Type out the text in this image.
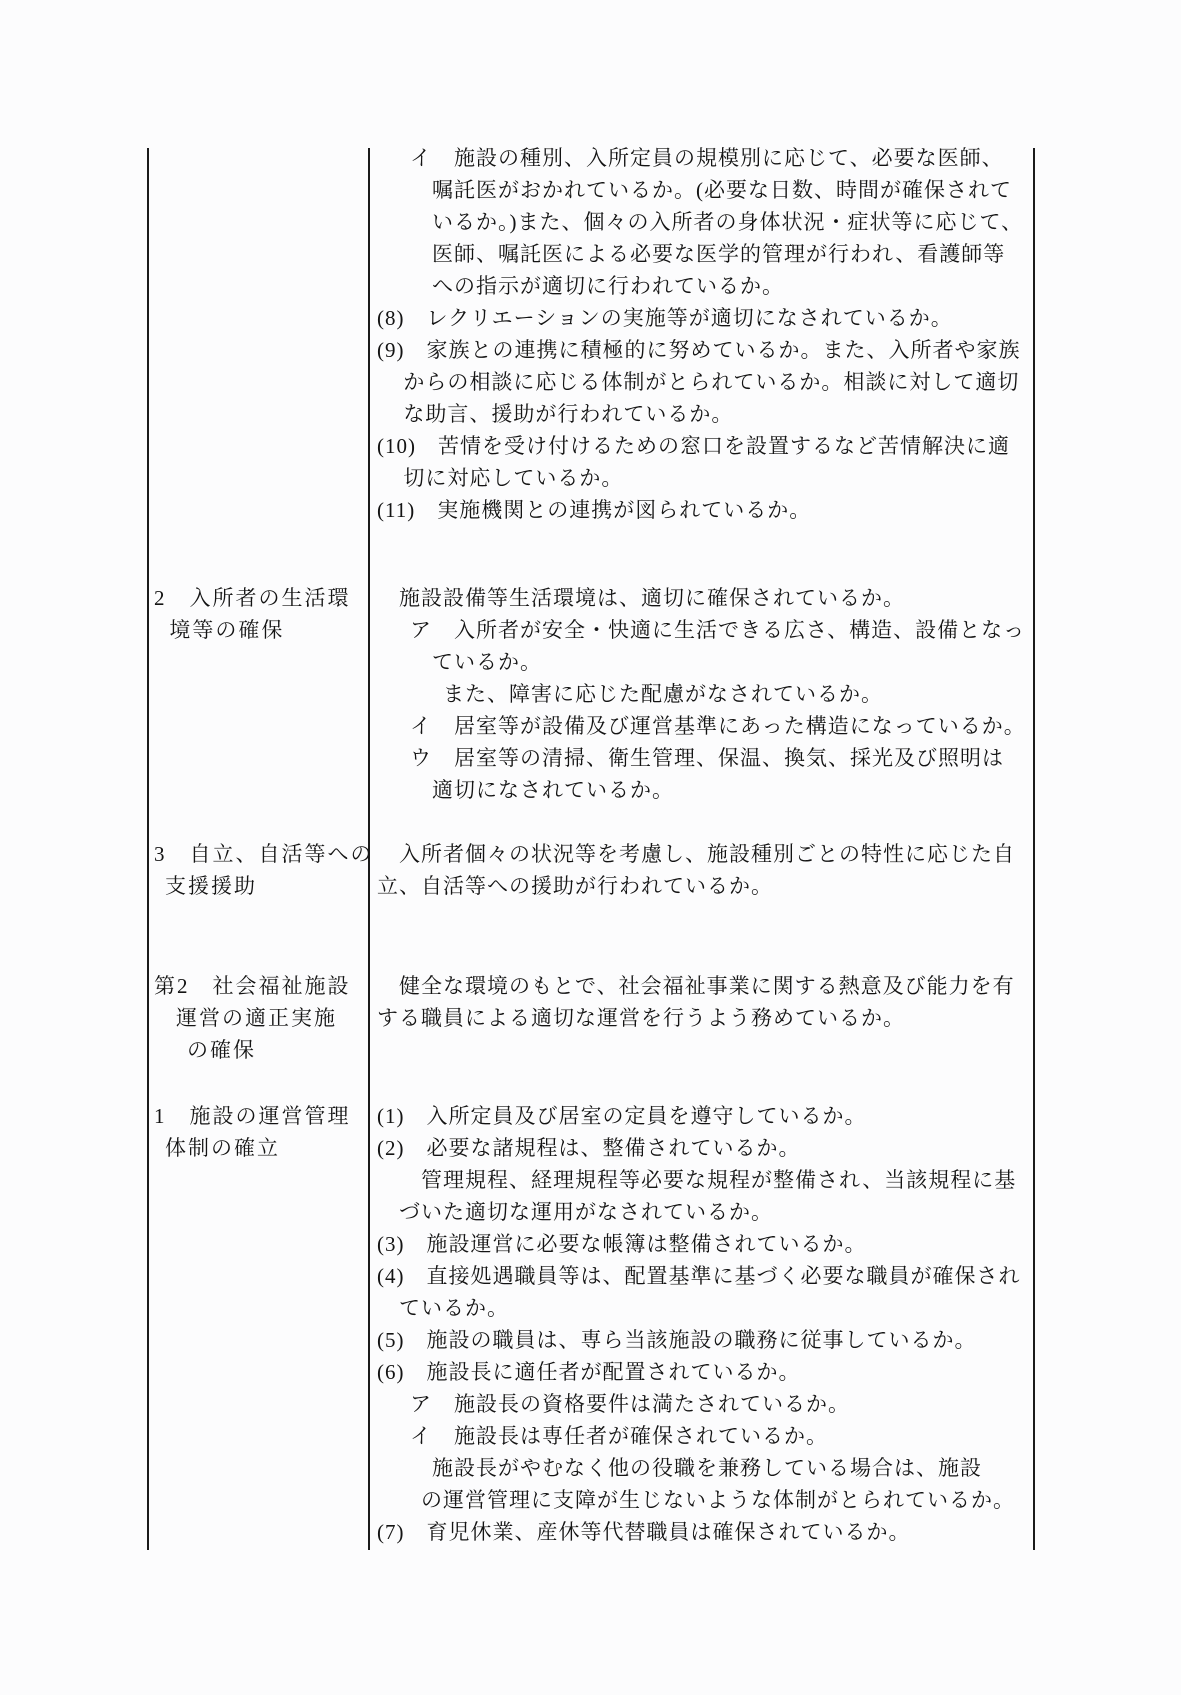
イ　施設の種別、入所定員の規模別に応じて、必要な医師、
嘱託医がおかれているか。(必要な日数、時間が確保されて
いるか。)また、個々の入所者の身体状況・症状等に応じて、
医師、嘱託医による必要な医学的管理が行われ、看護師等
への指示が適切に行われているか。
(8)　レクリエーションの実施等が適切になされているか。
(9)　家族との連携に積極的に努めているか。また、入所者や家族
からの相談に応じる体制がとられているか。相談に対して適切
な助言、援助が行われているか。
(10)　苦情を受け付けるための窓口を設置するなど苦情解決に適
切に対応しているか。
(11)　実施機関との連携が図られているか。
2　入所者の生活環
境等の確保
施設設備等生活環境は、適切に確保されているか。
ア　入所者が安全・快適に生活できる広さ、構造、設備となっ
ているか。
また、障害に応じた配慮がなされているか。
イ　居室等が設備及び運営基準にあった構造になっているか。
ウ　居室等の清掃、衛生管理、保温、換気、採光及び照明は
適切になされているか。
3　自立、自活等への
支援援助
入所者個々の状況等を考慮し、施設種別ごとの特性に応じた自
立、自活等への援助が行われているか。
第2　社会福祉施設
運営の適正実施
の確保
健全な環境のもとで、社会福祉事業に関する熱意及び能力を有
する職員による適切な運営を行うよう務めているか。
1　施設の運営管理
体制の確立
(1)　入所定員及び居室の定員を遵守しているか。
(2)　必要な諸規程は、整備されているか。
管理規程、経理規程等必要な規程が整備され、当該規程に基
づいた適切な運用がなされているか。
(3)　施設運営に必要な帳簿は整備されているか。
(4)　直接処遇職員等は、配置基準に基づく必要な職員が確保され
ているか。
(5)　施設の職員は、専ら当該施設の職務に従事しているか。
(6)　施設長に適任者が配置されているか。
ア　施設長の資格要件は満たされているか。
イ　施設長は専任者が確保されているか。
施設長がやむなく他の役職を兼務している場合は、施設
の運営管理に支障が生じないような体制がとられているか。
(7)　育児休業、産休等代替職員は確保されているか。
